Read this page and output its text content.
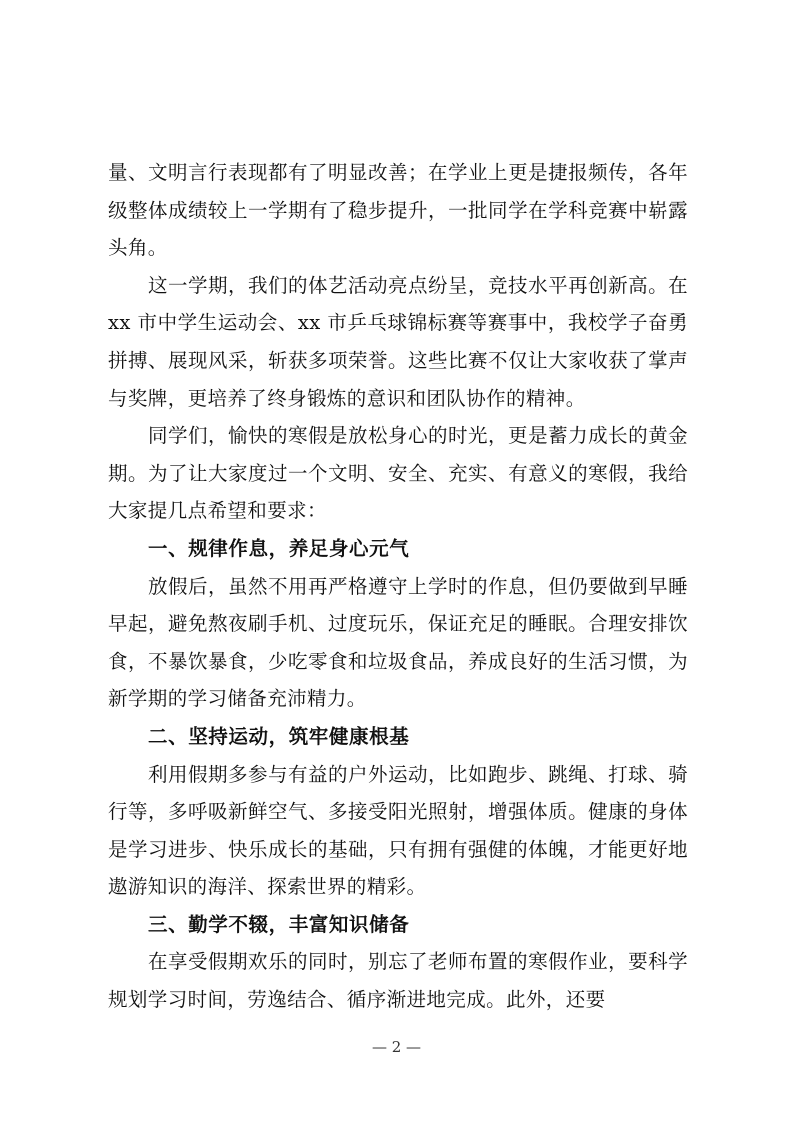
量、文明言行表现都有了明显改善；在学业上更是捷报频传，各年级整体成绩较上一学期有了稳步提升，一批同学在学科竞赛中崭露头角。

这一学期，我们的体艺活动亮点纷呈，竞技水平再创新高。在 xx 市中学生运动会、xx 市乒乓球锦标赛等赛事中，我校学子奋勇拼搏、展现风采，斩获多项荣誉。这些比赛不仅让大家收获了掌声与奖牌，更培养了终身锻炼的意识和团队协作的精神。

同学们，愉快的寒假是放松身心的时光，更是蓄力成长的黄金期。为了让大家度过一个文明、安全、充实、有意义的寒假，我给大家提几点希望和要求：

一、规律作息，养足身心元气

放假后，虽然不用再严格遵守上学时的作息，但仍要做到早睡早起，避免熬夜刷手机、过度玩乐，保证充足的睡眠。合理安排饮食，不暴饮暴食，少吃零食和垃圾食品，养成良好的生活习惯，为新学期的学习储备充沛精力。

二、坚持运动，筑牢健康根基

利用假期多参与有益的户外运动，比如跑步、跳绳、打球、骑行等，多呼吸新鲜空气、多接受阳光照射，增强体质。健康的身体是学习进步、快乐成长的基础，只有拥有强健的体魄，才能更好地遨游知识的海洋、探索世界的精彩。

三、勤学不辍，丰富知识储备

在享受假期欢乐的同时，别忘了老师布置的寒假作业，要科学规划学习时间，劳逸结合、循序渐进地完成。此外，还要

— 2 —
